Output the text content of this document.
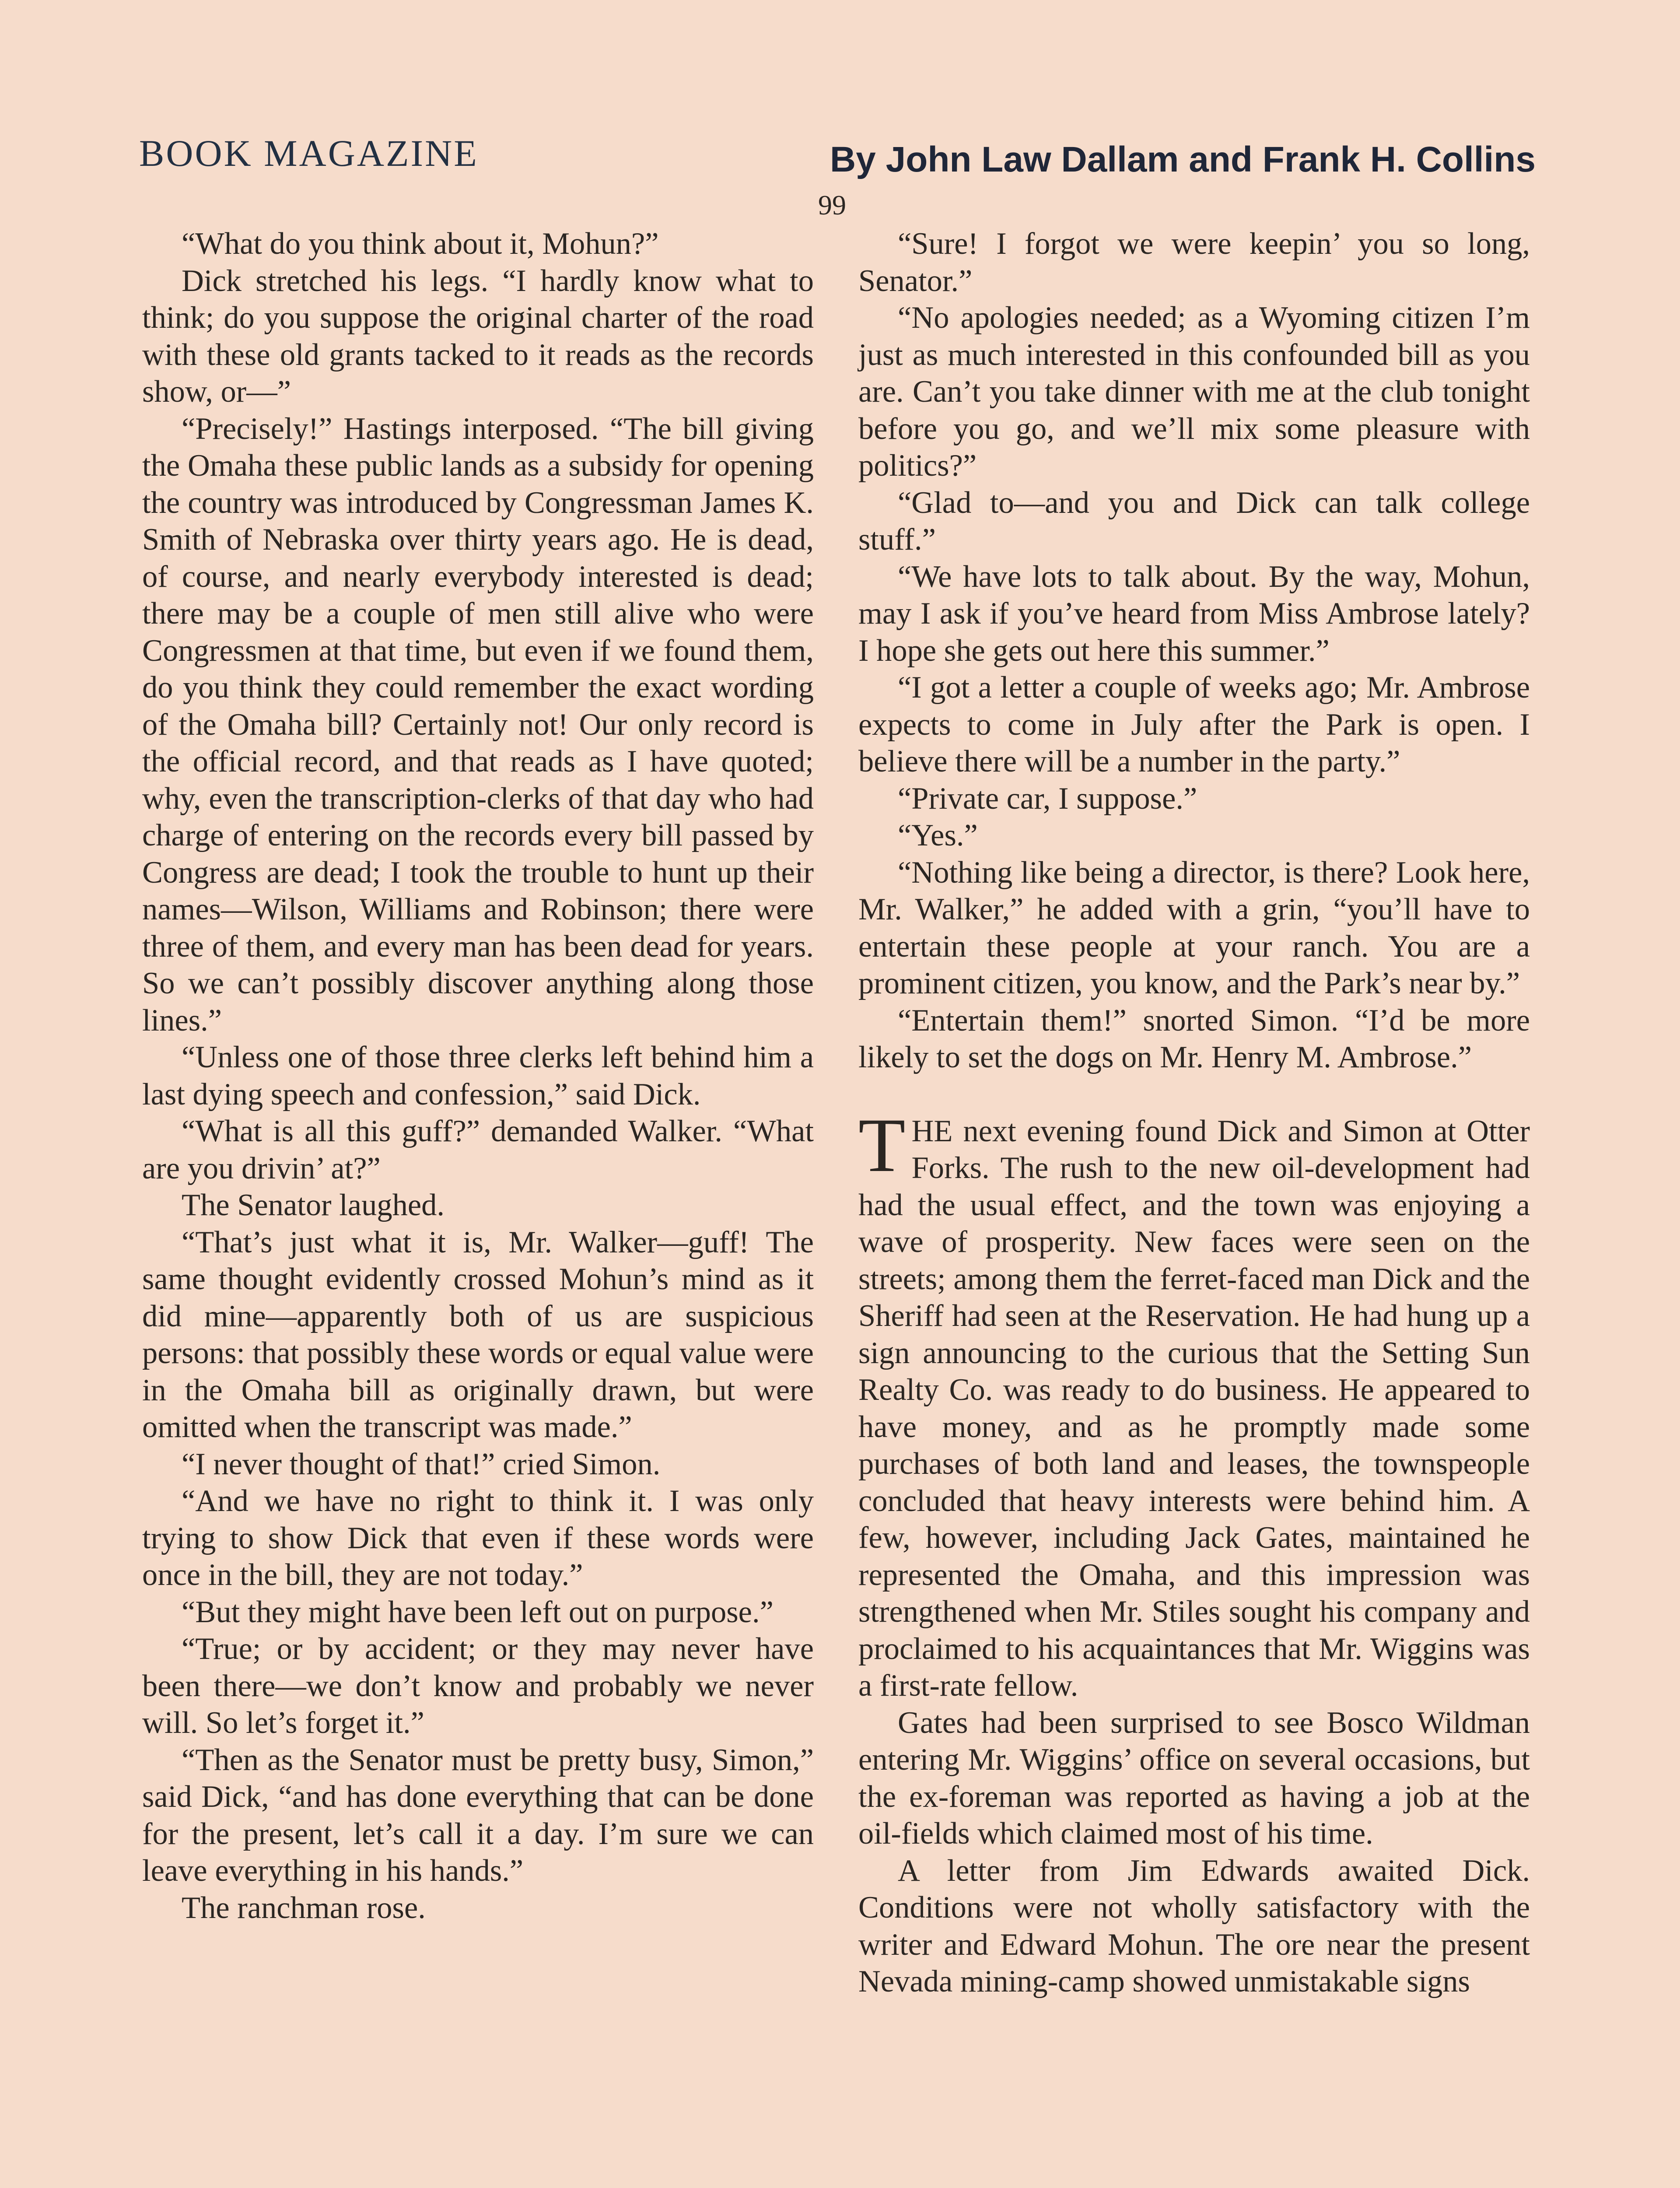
BOOK MAGAZINE	By John Law Dallam and Frank H. Collins
99

“What do you think about it, Mohun?”

Dick stretched his legs. “I hardly know what to think; do you suppose the original charter of the road with these old grants tacked to it reads as the records show, or—”

“Precisely!” Hastings interposed. “The bill giving the Omaha these public lands as a subsidy for opening the country was introduced by Congressman James K. Smith of Nebraska over thirty years ago. He is dead, of course, and nearly everybody interested is dead; there may be a couple of men still alive who were Congressmen at that time, but even if we found them, do you think they could remember the exact wording of the Omaha bill? Certainly not! Our only record is the official record, and that reads as I have quoted; why, even the transcription-clerks of that day who had charge of entering on the records every bill passed by Congress are dead; I took the trouble to hunt up their names—Wilson, Williams and Robinson; there were three of them, and every man has been dead for years. So we can’t possibly discover anything along those lines.”

“Unless one of those three clerks left behind him a last dying speech and confession,” said Dick.

“What is all this guff?” demanded Walker. “What are you drivin’ at?”

The Senator laughed.

“That’s just what it is, Mr. Walker—guff! The same thought evidently crossed Mohun’s mind as it did mine—apparently both of us are suspicious persons: that possibly these words or equal value were in the Omaha bill as originally drawn, but were omitted when the transcript was made.”

“I never thought of that!” cried Simon.

“And we have no right to think it. I was only trying to show Dick that even if these words were once in the bill, they are not today.”

“But they might have been left out on purpose.”

“True; or by accident; or they may never have been there—we don’t know and probably we never will. So let’s forget it.”

“Then as the Senator must be pretty busy, Simon,” said Dick, “and has done everything that can be done for the present, let’s call it a day. I’m sure we can leave everything in his hands.”

The ranchman rose.

“Sure! I forgot we were keepin’ you so long, Senator.”

“No apologies needed; as a Wyoming citizen I’m just as much interested in this confounded bill as you are. Can’t you take dinner with me at the club tonight before you go, and we’ll mix some pleasure with politics?”

“Glad to—and you and Dick can talk college stuff.”

“We have lots to talk about. By the way, Mohun, may I ask if you’ve heard from Miss Ambrose lately? I hope she gets out here this summer.”

“I got a letter a couple of weeks ago; Mr. Ambrose expects to come in July after the Park is open. I believe there will be a number in the party.”

“Private car, I suppose.”

“Yes.”

“Nothing like being a director, is there? Look here, Mr. Walker,” he added with a grin, “you’ll have to entertain these people at your ranch. You are a prominent citizen, you know, and the Park’s near by.”

“Entertain them!” snorted Simon. “I’d be more likely to set the dogs on Mr. Henry M. Ambrose.”

THE next evening found Dick and Simon at Otter Forks. The rush to the new oil-development had had the usual effect, and the town was enjoying a wave of prosperity. New faces were seen on the streets; among them the ferret-faced man Dick and the Sheriff had seen at the Reservation. He had hung up a sign announcing to the curious that the Setting Sun Realty Co. was ready to do business. He appeared to have money, and as he promptly made some purchases of both land and leases, the townspeople concluded that heavy interests were behind him. A few, however, including Jack Gates, maintained he represented the Omaha, and this impression was strengthened when Mr. Stiles sought his company and proclaimed to his acquaintances that Mr. Wiggins was a first-rate fellow.

Gates had been surprised to see Bosco Wildman entering Mr. Wiggins’ office on several occasions, but the ex-foreman was reported as having a job at the oil-fields which claimed most of his time.

A letter from Jim Edwards awaited Dick. Conditions were not wholly satisfactory with the writer and Edward Mohun. The ore near the present Nevada mining-camp showed unmistakable signs
